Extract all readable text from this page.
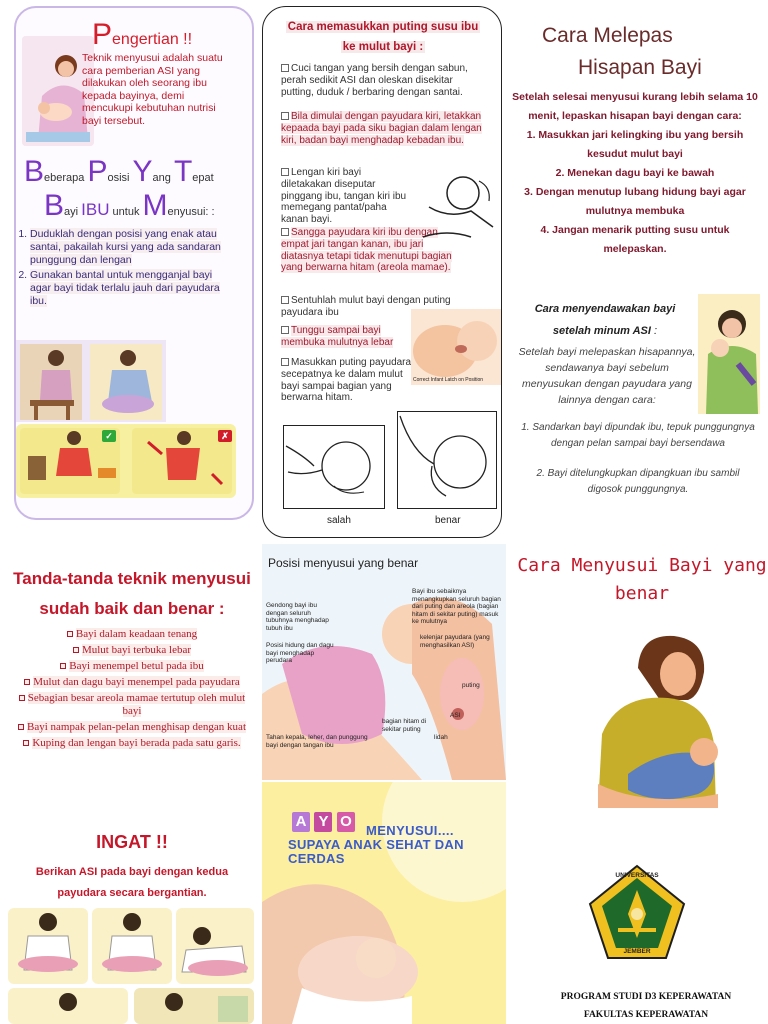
Pengertian !!
Teknik menyusui adalah suatu cara pemberian ASI yang dilakukan oleh seorang ibu kepada bayinya, demi mencukupi kebutuhan nutrisi bayi tersebut.
Beberapa Posisi Yang Tepat
Bayi IBU untuk Menyusui: :
1. Duduklah dengan posisi yang enak atau santai, pakailah kursi yang ada sandaran punggung dan lengan
2. Gunakan bantal untuk mengganjal bayi agar bayi tidak terlalu jauh dari payudara ibu.
✓	✗
Cara memasukkan puting susu ibu
ke mulut bayi :
Cuci tangan yang bersih dengan sabun, perah sedikit ASI dan oleskan disekitar putting, duduk / berbaring dengan santai.
Bila dimulai dengan payudara kiri, letakkan kepaada bayi pada siku bagian dalam lengan kiri, badan bayi menghadap kebadan ibu.
Lengan kiri bayi diletakakan diseputar pinggang ibu, tangan kiri ibu memegang pantat/paha kanan bayi.
Sangga payudara kiri ibu dengan empat jari tangan kanan, ibu jari diatasnya tetapi tidak menutupi bagian yang berwarna hitam (areola mamae).
Sentuhlah mulut bayi dengan puting payudara ibu
Tunggu sampai bayi membuka mulutnya lebar
Masukkan puting payudara secepatnya ke dalam mulut bayi sampai bagian yang berwarna hitam.
Correct Infant Latch on Position
salah	benar
Cara Melepas
Hisapan Bayi
Setelah selesai menyusui kurang lebih selama 10 menit, lepaskan hisapan bayi dengan cara:
1. Masukkan jari kelingking ibu yang bersih kesudut mulut bayi
2. Menekan dagu bayi ke bawah
3. Dengan menutup lubang hidung bayi agar mulutnya membuka
4. Jangan menarik putting susu untuk melepaskan.
Cara menyendawakan bayi
setelah minum ASI :
Setelah bayi melepaskan hisapannya, sendawanya bayi sebelum menyusukan dengan payudara yang lainnya dengan cara:
1. Sandarkan bayi dipundak ibu, tepuk punggungnya dengan pelan sampai bayi bersendawa
2. Bayi ditelungkupkan dipangkuan ibu sambil digosok punggungnya.
Tanda-tanda teknik menyusui sudah baik dan benar :
Bayi dalam keadaan tenang
Mulut bayi terbuka lebar
Bayi menempel betul pada ibu
Mulut dan dagu bayi menempel pada payudara
Sebagian besar areola mamae tertutup oleh mulut bayi
Bayi nampak pelan-pelan menghisap dengan kuat
Kuping dan lengan bayi berada pada satu garis.
INGAT !!
Berikan ASI pada bayi dengan kedua payudara secara bergantian.
Gendong bayi ibu dengan seluruh tubuhnya menghadap tubuh ibu
Posisi hidung dan dagu bayi menghadap perudara
Tahan kepala, leher, dan punggung bayi dengan tangan ibu
Bayi ibu sebaiknya menangkupkan seluruh bagian dari puting dan areola (bagian hitam di sekitar puting) masuk ke mulutnya
kelenjar payudara (yang menghasilkan ASI)
puting
ASI
bagian hitam di sekitar puting
lidah
Posisi menyusui yang benar
A Y O
MENYUSUI....
SUPAYA ANAK SEHAT DAN CERDAS
Cara Menyusui Bayi yang benar
UNIVERSITAS
JEMBER
PROGRAM STUDI D3 KEPERAWATAN
FAKULTAS KEPERAWATAN
